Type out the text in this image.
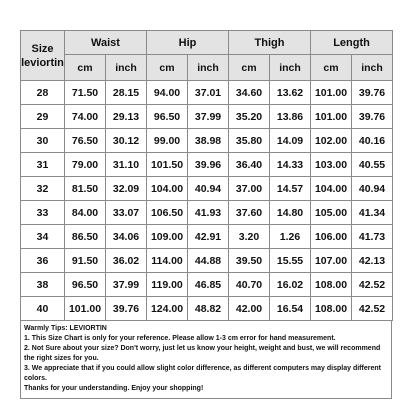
Size
leviortin	Waist		Hip		Thigh		Length	
	cm	inch	cm	inch	cm	inch	cm	inch
28	71.50	28.15	94.00	37.01	34.60	13.62	101.00	39.76
29	74.00	29.13	96.50	37.99	35.20	13.86	101.00	39.76
30	76.50	30.12	99.00	38.98	35.80	14.09	102.00	40.16
31	79.00	31.10	101.50	39.96	36.40	14.33	103.00	40.55
32	81.50	32.09	104.00	40.94	37.00	14.57	104.00	40.94
33	84.00	33.07	106.50	41.93	37.60	14.80	105.00	41.34
34	86.50	34.06	109.00	42.91	3.20	1.26	106.00	41.73
36	91.50	36.02	114.00	44.88	39.50	15.55	107.00	42.13
38	96.50	37.99	119.00	46.85	40.70	16.02	108.00	42.52
40	101.00	39.76	124.00	48.82	42.00	16.54	108.00	42.52
Warmly Tips: LEVIORTIN
1. This Size Chart is only for your reference. Please allow 1-3 cm error for hand measurement.
2. Not Sure about your size? Don't worry, just let us know your height, weight and bust, we will recommend the right sizes for you.
3. We appreciate that if you could allow slight color difference, as different computers may display different colors.
Thanks for your understanding. Enjoy your shopping!
